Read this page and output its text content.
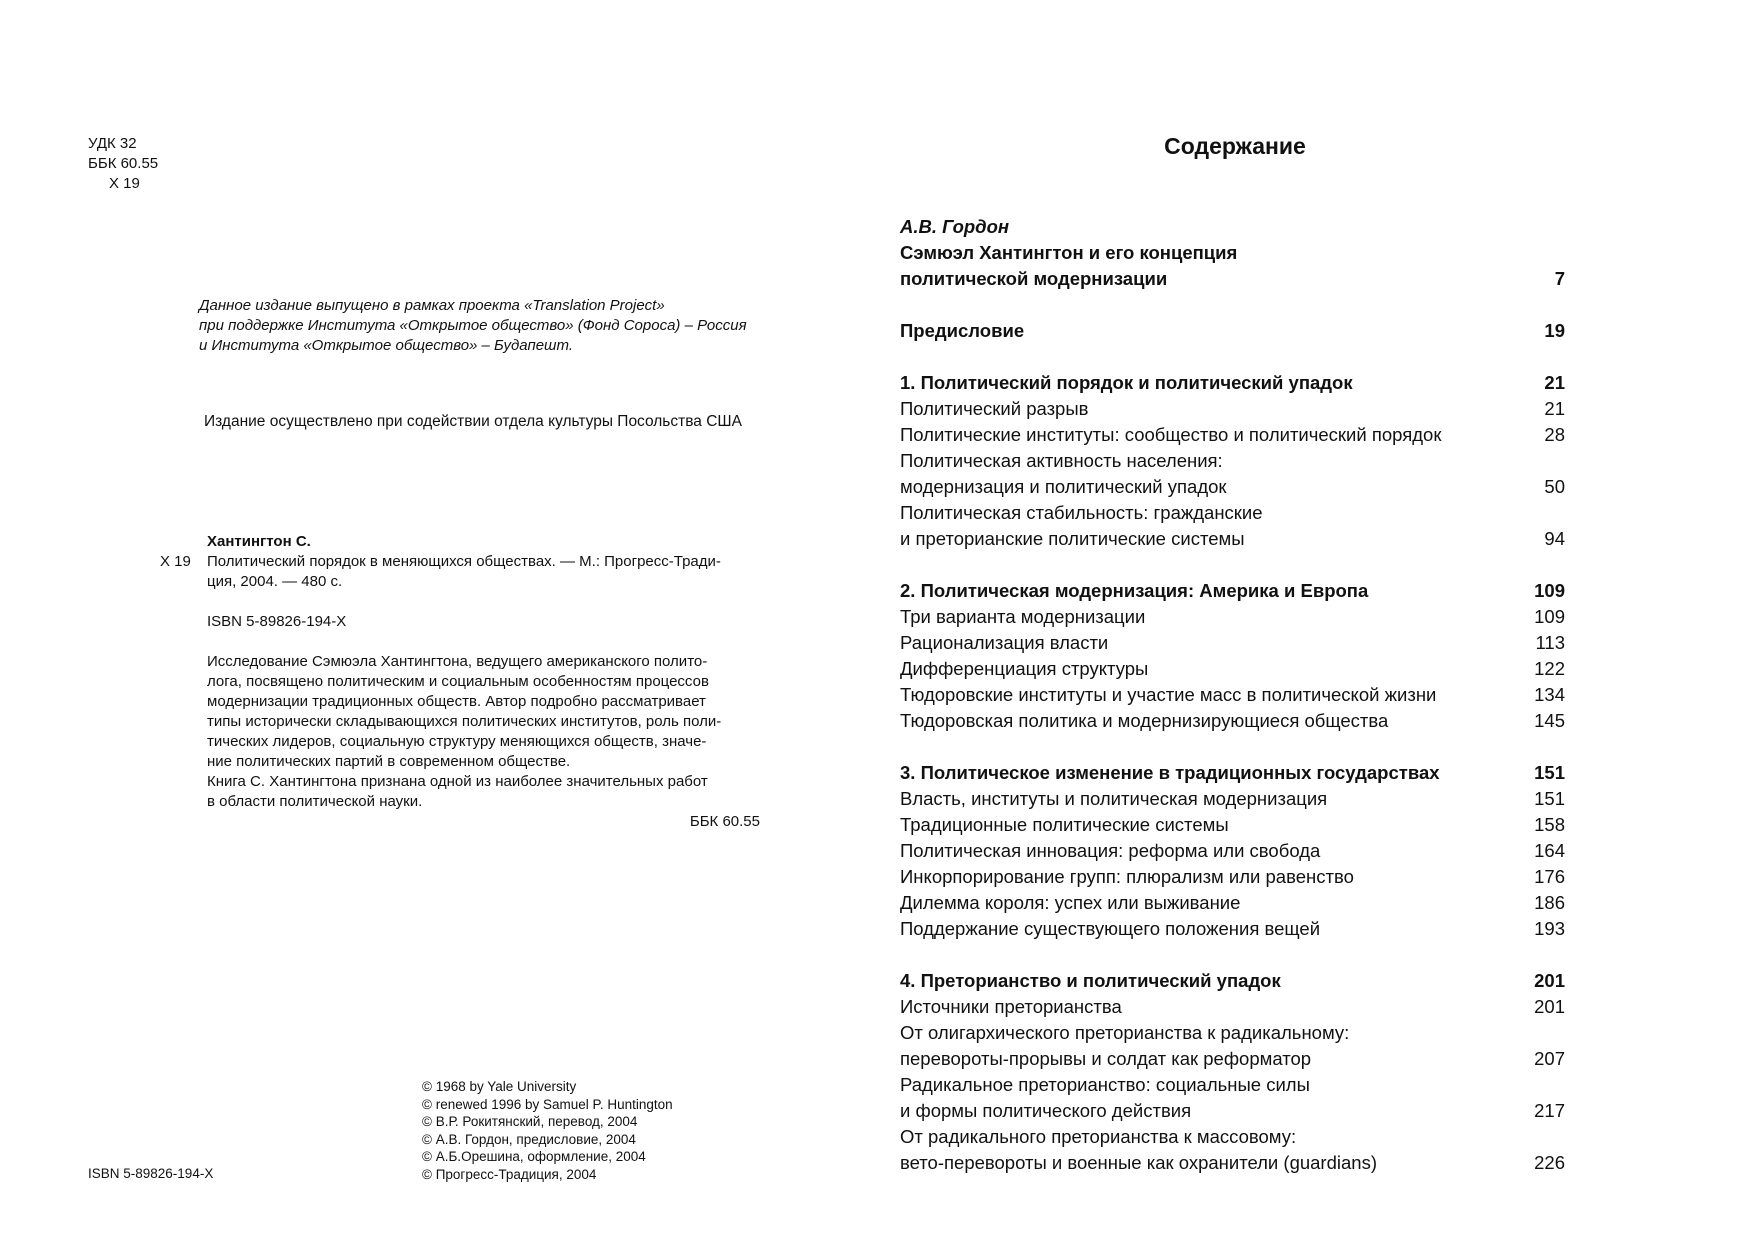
УДК 32
ББК 60.55
Х 19
Данное издание выпущено в рамках проекта «Translation Project»
при поддержке Института «Открытое общество» (Фонд Сороса) – Россия
и Института «Открытое общество» – Будапешт.
Издание осуществлено при содействии отдела культуры Посольства США
Хантингтон С.
Х 19	Политический порядок в меняющихся обществах. — М.: Прогресс-Тради-
ция, 2004. — 480 с.
ISBN 5-89826-194-X
Исследование Сэмюэла Хантингтона, ведущего американского полито-
лога, посвящено политическим и социальным особенностям процессов
модернизации традиционных обществ. Автор подробно рассматривает
типы исторически складывающихся политических институтов, роль поли-
тических лидеров, социальную структуру меняющихся обществ, значе-
ние политических партий в современном обществе.
Книга С. Хантингтона признана одной из наиболее значительных работ
в области политической науки.
ББК 60.55
© 1968 by Yale University
© renewed 1996 by Samuel P. Huntington
© В.Р. Рокитянский, перевод, 2004
© А.В. Гордон, предисловие, 2004
© А.Б.Орешина, оформление, 2004
© Прогресс-Традиция, 2004
ISBN 5-89826-194-X
Содержание
А.В. Гордон
Сэмюэл Хантингтон и его концепция
политической модернизации	7
Предисловие	19
1. Политический порядок и политический упадок	21
Политический разрыв	21
Политические институты: сообщество и политический порядок	28
Политическая активность населения:
модернизация и политический упадок	50
Политическая стабильность: гражданские
и преторианские политические системы	94
2. Политическая модернизация: Америка и Европа	109
Три варианта модернизации	109
Рационализация власти	113
Дифференциация структуры	122
Тюдоровские институты и участие масс в политической жизни	134
Тюдоровская политика и модернизирующиеся общества	145
3. Политическое изменение в традиционных государствах	151
Власть, институты и политическая модернизация	151
Традиционные политические системы	158
Политическая инновация: реформа или свобода	164
Инкорпорирование групп: плюрализм или равенство	176
Дилемма короля: успех или выживание	186
Поддержание существующего положения вещей	193
4. Преторианство и политический упадок	201
Источники преторианства	201
От олигархического преторианства к радикальному:
перевороты-прорывы и солдат как реформатор	207
Радикальное преторианство: социальные силы
и формы политического действия	217
От радикального преторианства к массовому:
вето-перевороты и военные как охранители (guardians)	226
